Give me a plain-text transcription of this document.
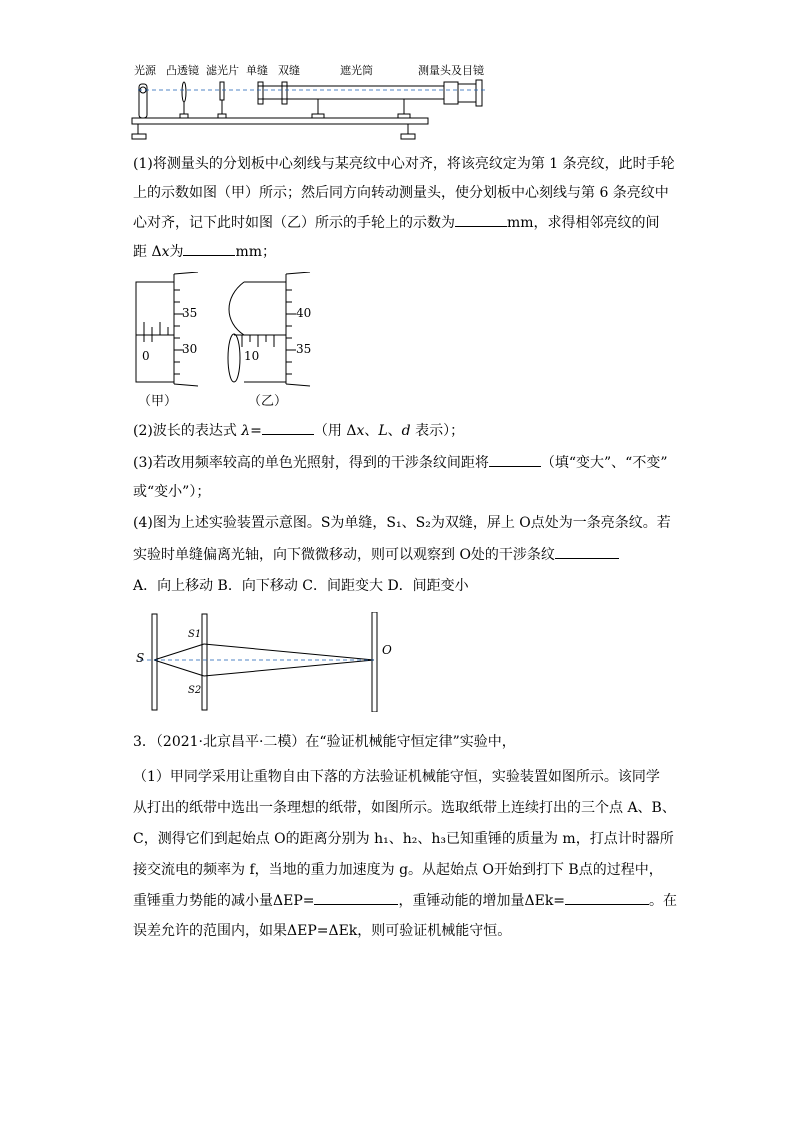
光源 凸透镜 滤光片 单缝 双缝	遮光筒	测量头及目镜
(1)将测量头的分划板中心刻线与某亮纹中心对齐，将该亮纹定为第 1 条亮纹，此时手轮
上的示数如图（甲）所示；然后同方向转动测量头，使分划板中心刻线与第 6 条亮纹中
心对齐，记下此时如图（乙）所示的手轮上的示数为	mm，求得相邻亮纹的间
距 Δx为	mm；
35
30
0
（甲）
40
35
10
（乙）
(2)波长的表达式 λ=	（用 Δx、L、d 表示）；
(3)若改用频率较高的单色光照射，得到的干涉条纹间距将	（填“变大”、“不变”
或“变小”）；
(4)图为上述实验装置示意图。S为单缝，S₁、S₂为双缝，屏上 O点处为一条亮条纹。若
实验时单缝偏离光轴，向下微微移动，则可以观察到 O处的干涉条纹
A．向上移动 B．向下移动 C．间距变大 D．间距变小
S
S1
S2
O
3．（2021·北京昌平·二模）在“验证机械能守恒定律”实验中，
（1）甲同学采用让重物自由下落的方法验证机械能守恒，实验装置如图所示。该同学
从打出的纸带中选出一条理想的纸带，如图所示。选取纸带上连续打出的三个点 A、B、
C，测得它们到起始点 O的距离分别为 h₁、h₂、h₃已知重锤的质量为 m，打点计时器所
接交流电的频率为 f，当地的重力加速度为 g。从起始点 O开始到打下 B点的过程中，
重锤重力势能的减小量ΔEP=	，重锤动能的增加量ΔEk=	。在
误差允许的范围内，如果ΔEP=ΔEk，则可验证机械能守恒。
